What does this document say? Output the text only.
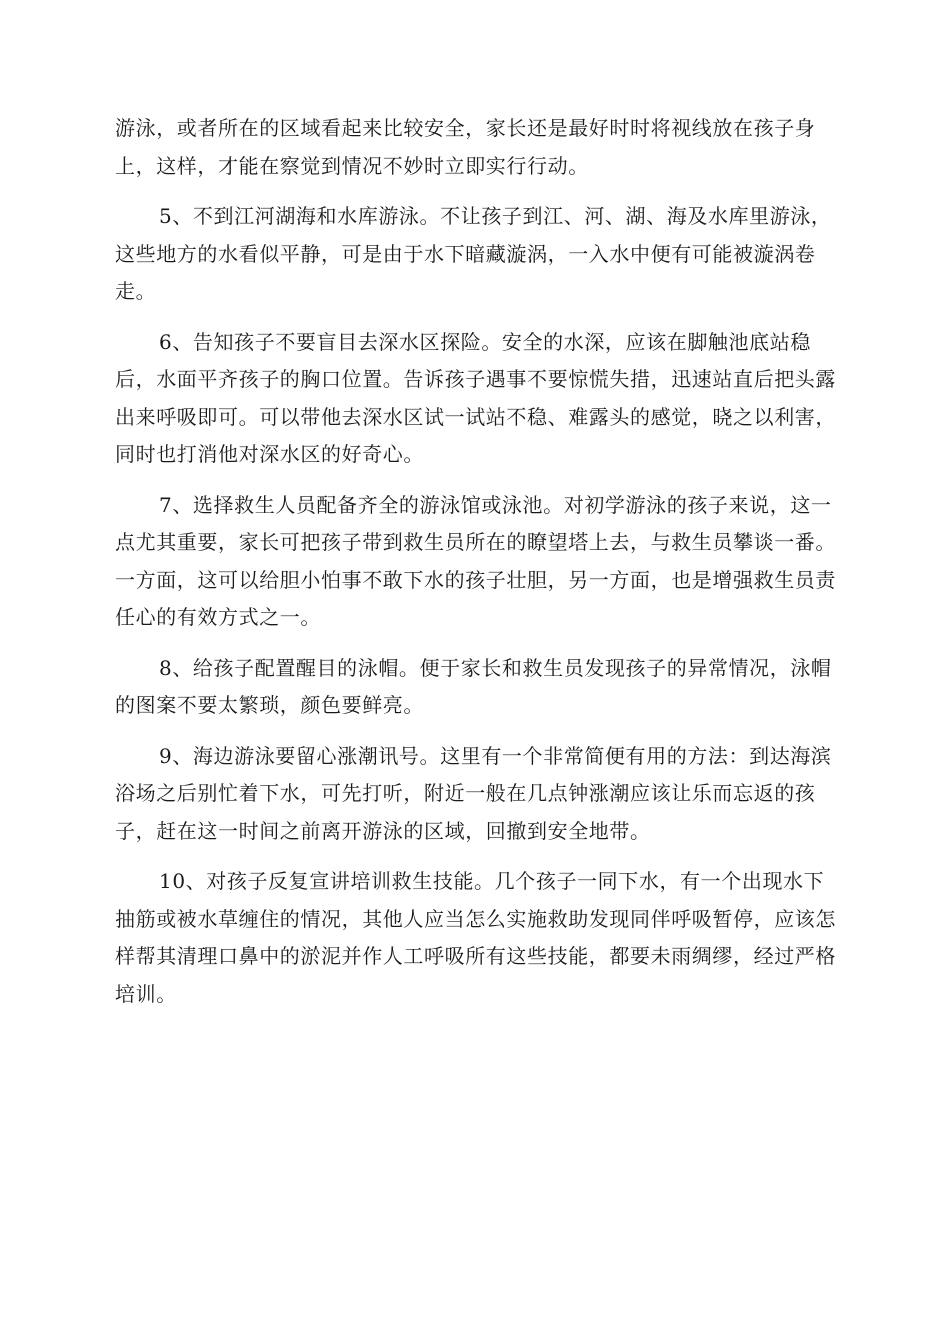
游泳，或者所在的区域看起来比较安全，家长还是最好时时将视线放在孩子身上，这样，才能在察觉到情况不妙时立即实行行动。

5、不到江河湖海和水库游泳。不让孩子到江、河、湖、海及水库里游泳，这些地方的水看似平静，可是由于水下暗藏漩涡，一入水中便有可能被漩涡卷走。

6、告知孩子不要盲目去深水区探险。安全的水深，应该在脚触池底站稳后，水面平齐孩子的胸口位置。告诉孩子遇事不要惊慌失措，迅速站直后把头露出来呼吸即可。可以带他去深水区试一试站不稳、难露头的感觉，晓之以利害，同时也打消他对深水区的好奇心。

7、选择救生人员配备齐全的游泳馆或泳池。对初学游泳的孩子来说，这一点尤其重要，家长可把孩子带到救生员所在的瞭望塔上去，与救生员攀谈一番。一方面，这可以给胆小怕事不敢下水的孩子壮胆，另一方面，也是增强救生员责任心的有效方式之一。

8、给孩子配置醒目的泳帽。便于家长和救生员发现孩子的异常情况，泳帽的图案不要太繁琐，颜色要鲜亮。

9、海边游泳要留心涨潮讯号。这里有一个非常简便有用的方法：到达海滨浴场之后别忙着下水，可先打听，附近一般在几点钟涨潮应该让乐而忘返的孩子，赶在这一时间之前离开游泳的区域，回撤到安全地带。

10、对孩子反复宣讲培训救生技能。几个孩子一同下水，有一个出现水下抽筋或被水草缠住的情况，其他人应当怎么实施救助发现同伴呼吸暂停，应该怎样帮其清理口鼻中的淤泥并作人工呼吸所有这些技能，都要未雨绸缪，经过严格培训。
